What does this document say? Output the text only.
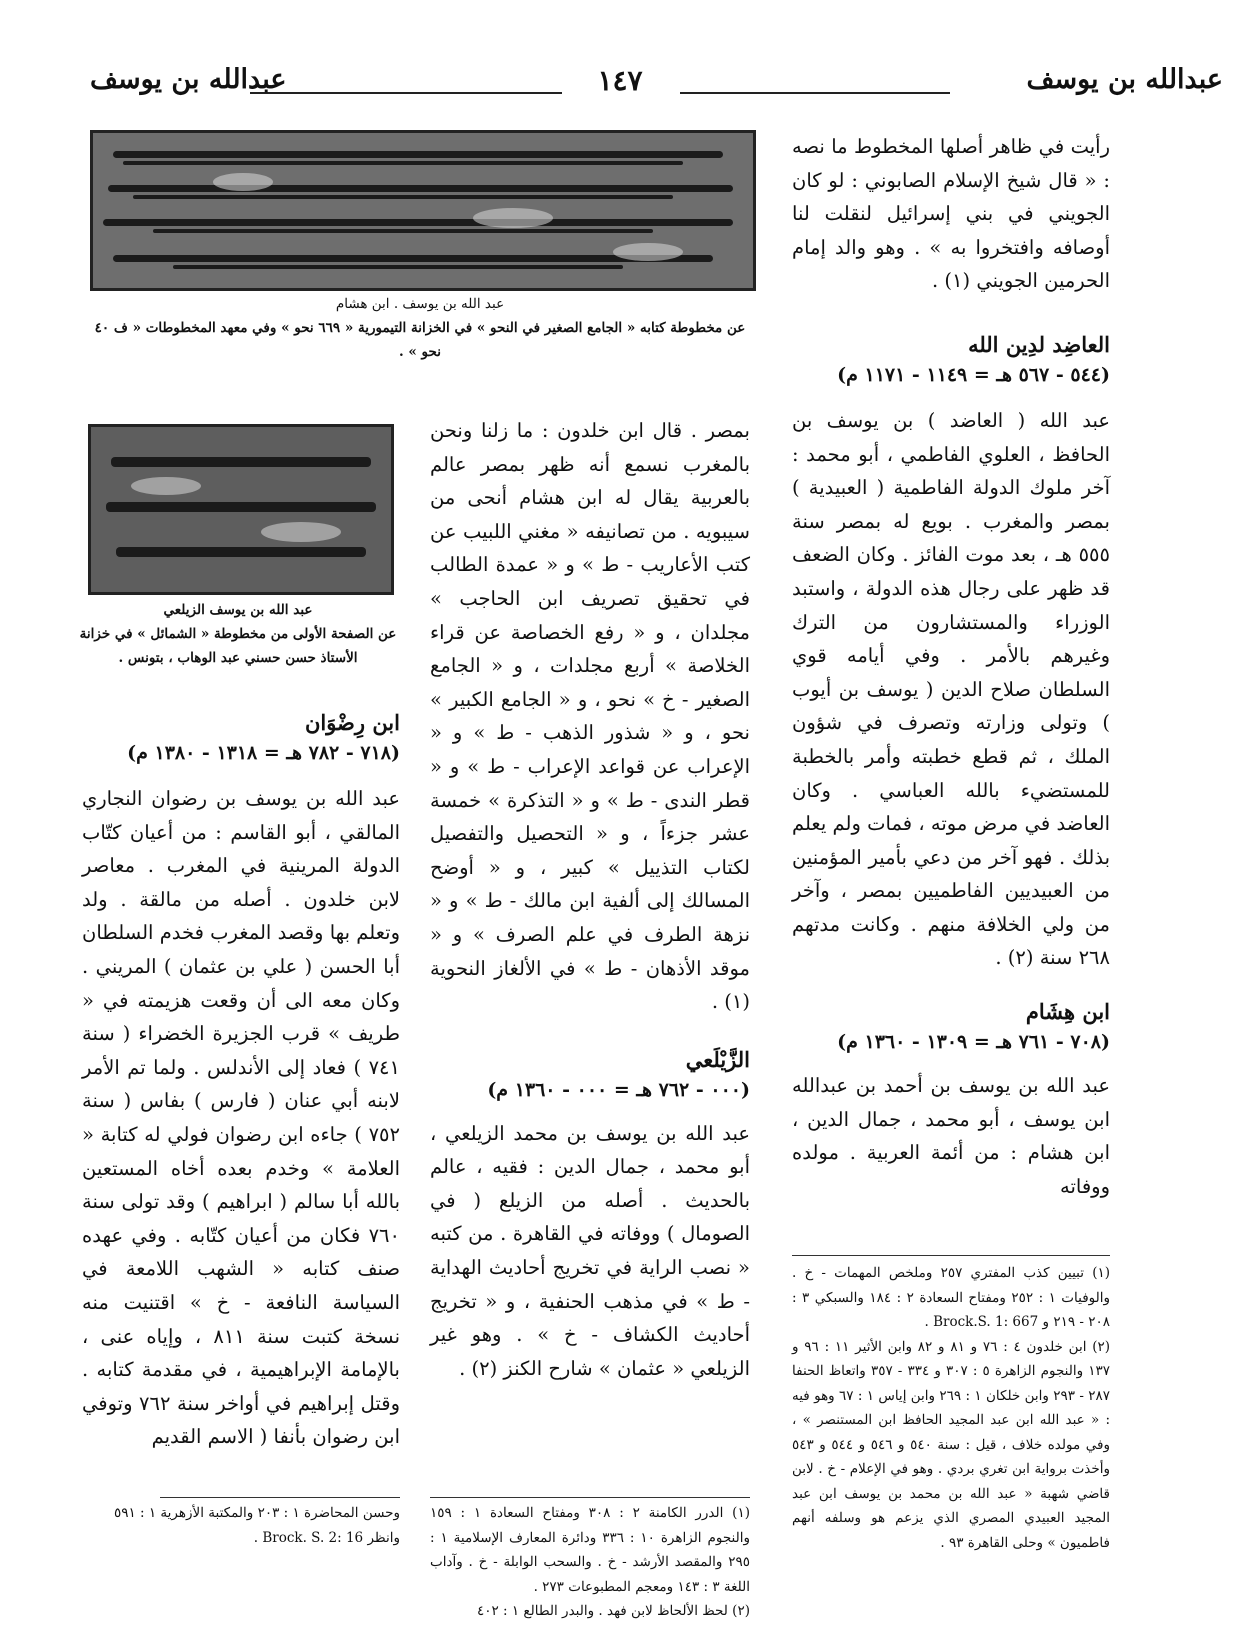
عبدالله بن يوسف
١٤٧
عبدالله بن يوسف
عبد الله بن يوسف . ابن هشام
عن مخطوطة كتابه « الجامع الصغير في النحو » في الخزانة التيمورية « ٦٦٩ نحو » وفي معهد المخطوطات « ف ٤٠ نحو » .

رأيت في ظاهر أصلها المخطوط ما نصه : « قال شيخ الإسلام الصابوني : لو كان الجويني في بني إسرائيل لنقلت لنا أوصافه وافتخروا به » . وهو والد إمام الحرمين الجويني (١) .

العاضِد لدِين الله

(٥٤٤ - ٥٦٧ هـ = ١١٤٩ - ١١٧١ م)

عبد الله ( العاضد ) بن يوسف بن الحافظ ، العلوي الفاطمي ، أبو محمد : آخر ملوك الدولة الفاطمية ( العبيدية ) بمصر والمغرب . بويع له بمصر سنة ٥٥٥ هـ ، بعد موت الفائز . وكان الضعف قد ظهر على رجال هذه الدولة ، واستبد الوزراء والمستشارون من الترك وغيرهم بالأمر . وفي أيامه قوي السلطان صلاح الدين ( يوسف بن أيوب ) وتولى وزارته وتصرف في شؤون الملك ، ثم قطع خطبته وأمر بالخطبة للمستضيء بالله العباسي . وكان العاضد في مرض موته ، فمات ولم يعلم بذلك . فهو آخر من دعي بأمير المؤمنين من العبيديين الفاطميين بمصر ، وآخر من ولي الخلافة منهم . وكانت مدتهم ٢٦٨ سنة (٢) .

ابن هِشَام

(٧٠٨ - ٧٦١ هـ = ١٣٠٩ - ١٣٦٠ م)

عبد الله بن يوسف بن أحمد بن عبدالله ابن يوسف ، أبو محمد ، جمال الدين ، ابن هشام : من أئمة العربية . مولده ووفاته

(١) تبيين كذب المفتري ٢٥٧ وملخص المهمات - خ . والوفيات ١ : ٢٥٢ ومفتاح السعادة ٢ : ١٨٤ والسبكي ٣ : ٢٠٨ - ٢١٩ و Brock.S. 1: 667 .

(٢) ابن خلدون ٤ : ٧٦ و ٨١ و ٨٢ وابن الأثير ١١ : ٩٦ و ١٣٧ والنجوم الزاهرة ٥ : ٣٠٧ و ٣٣٤ - ٣٥٧ واتعاظ الحنفا ٢٨٧ - ٢٩٣ وابن خلكان ١ : ٢٦٩ وابن إياس ١ : ٦٧ وهو فيه : « عبد الله ابن عبد المجيد الحافظ ابن المستنصر » ، وفي مولده خلاف ، قيل : سنة ٥٤٠ و ٥٤٦ و ٥٤٤ و ٥٤٣ وأخذت برواية ابن تغري بردي . وهو في الإعلام - خ . لابن قاضي شهبة « عبد الله بن محمد بن يوسف ابن عبد المجيد العبيدي المصري الذي يزعم هو وسلفه أنهم فاطميون » وحلى القاهرة ٩٣ .

بمصر . قال ابن خلدون : ما زلنا ونحن بالمغرب نسمع أنه ظهر بمصر عالم بالعربية يقال له ابن هشام أنحى من سيبويه . من تصانيفه « مغني اللبيب عن كتب الأعاريب - ط » و « عمدة الطالب في تحقيق تصريف ابن الحاجب » مجلدان ، و « رفع الخصاصة عن قراء الخلاصة » أربع مجلدات ، و « الجامع الصغير - خ » نحو ، و « الجامع الكبير » نحو ، و « شذور الذهب - ط » و « الإعراب عن قواعد الإعراب - ط » و « قطر الندى - ط » و « التذكرة » خمسة عشر جزءاً ، و « التحصيل والتفصيل لكتاب التذييل » كبير ، و « أوضح المسالك إلى ألفية ابن مالك - ط » و « نزهة الطرف في علم الصرف » و « موقد الأذهان - ط » في الألغاز النحوية (١) .

الزَّيْلَعي

(٠٠٠ - ٧٦٢ هـ = ٠٠٠ - ١٣٦٠ م)

عبد الله بن يوسف بن محمد الزيلعي ، أبو محمد ، جمال الدين : فقيه ، عالم بالحديث . أصله من الزيلع ( في الصومال ) ووفاته في القاهرة . من كتبه « نصب الراية في تخريج أحاديث الهداية - ط » في مذهب الحنفية ، و « تخريج أحاديث الكشاف - خ » . وهو غير الزيلعي « عثمان » شارح الكنز (٢) .

(١) الدرر الكامنة ٢ : ٣٠٨ ومفتاح السعادة ١ : ١٥٩ والنجوم الزاهرة ١٠ : ٣٣٦ ودائرة المعارف الإسلامية ١ : ٢٩٥ والمقصد الأرشد - خ . والسحب الوابلة - خ . وآداب اللغة ٣ : ١٤٣ ومعجم المطبوعات ٢٧٣ .

(٢) لحظ الألحاظ لابن فهد . والبدر الطالع ١ : ٤٠٢

عبد الله بن يوسف الزيلعي
عن الصفحة الأولى من مخطوطة « الشمائل » في خزانة الأستاذ حسن حسني عبد الوهاب ، بتونس .

ابن رِضْوَان

(٧١٨ - ٧٨٢ هـ = ١٣١٨ - ١٣٨٠ م)

عبد الله بن يوسف بن رضوان النجاري المالقي ، أبو القاسم : من أعيان كتّاب الدولة المرينية في المغرب . معاصر لابن خلدون . أصله من مالقة . ولد وتعلم بها وقصد المغرب فخدم السلطان أبا الحسن ( علي بن عثمان ) المريني . وكان معه الى أن وقعت هزيمته في « طريف » قرب الجزيرة الخضراء ( سنة ٧٤١ ) فعاد إلى الأندلس . ولما تم الأمر لابنه أبي عنان ( فارس ) بفاس ( سنة ٧٥٢ ) جاءه ابن رضوان فولي له كتابة « العلامة » وخدم بعده أخاه المستعين بالله أبا سالم ( ابراهيم ) وقد تولى سنة ٧٦٠ فكان من أعيان كتّابه . وفي عهده صنف كتابه « الشهب اللامعة في السياسة النافعة - خ » اقتنيت منه نسخة كتبت سنة ٨١١ ، وإياه عنى ، بالإمامة الإبراهيمية ، في مقدمة كتابه . وقتل إبراهيم في أواخر سنة ٧٦٢ وتوفي ابن رضوان بأنفا ( الاسم القديم

وحسن المحاضرة ١ : ٢٠٣ والمكتبة الأزهرية ١ : ٥٩١

وانظر Brock. S. 2: 16 .
